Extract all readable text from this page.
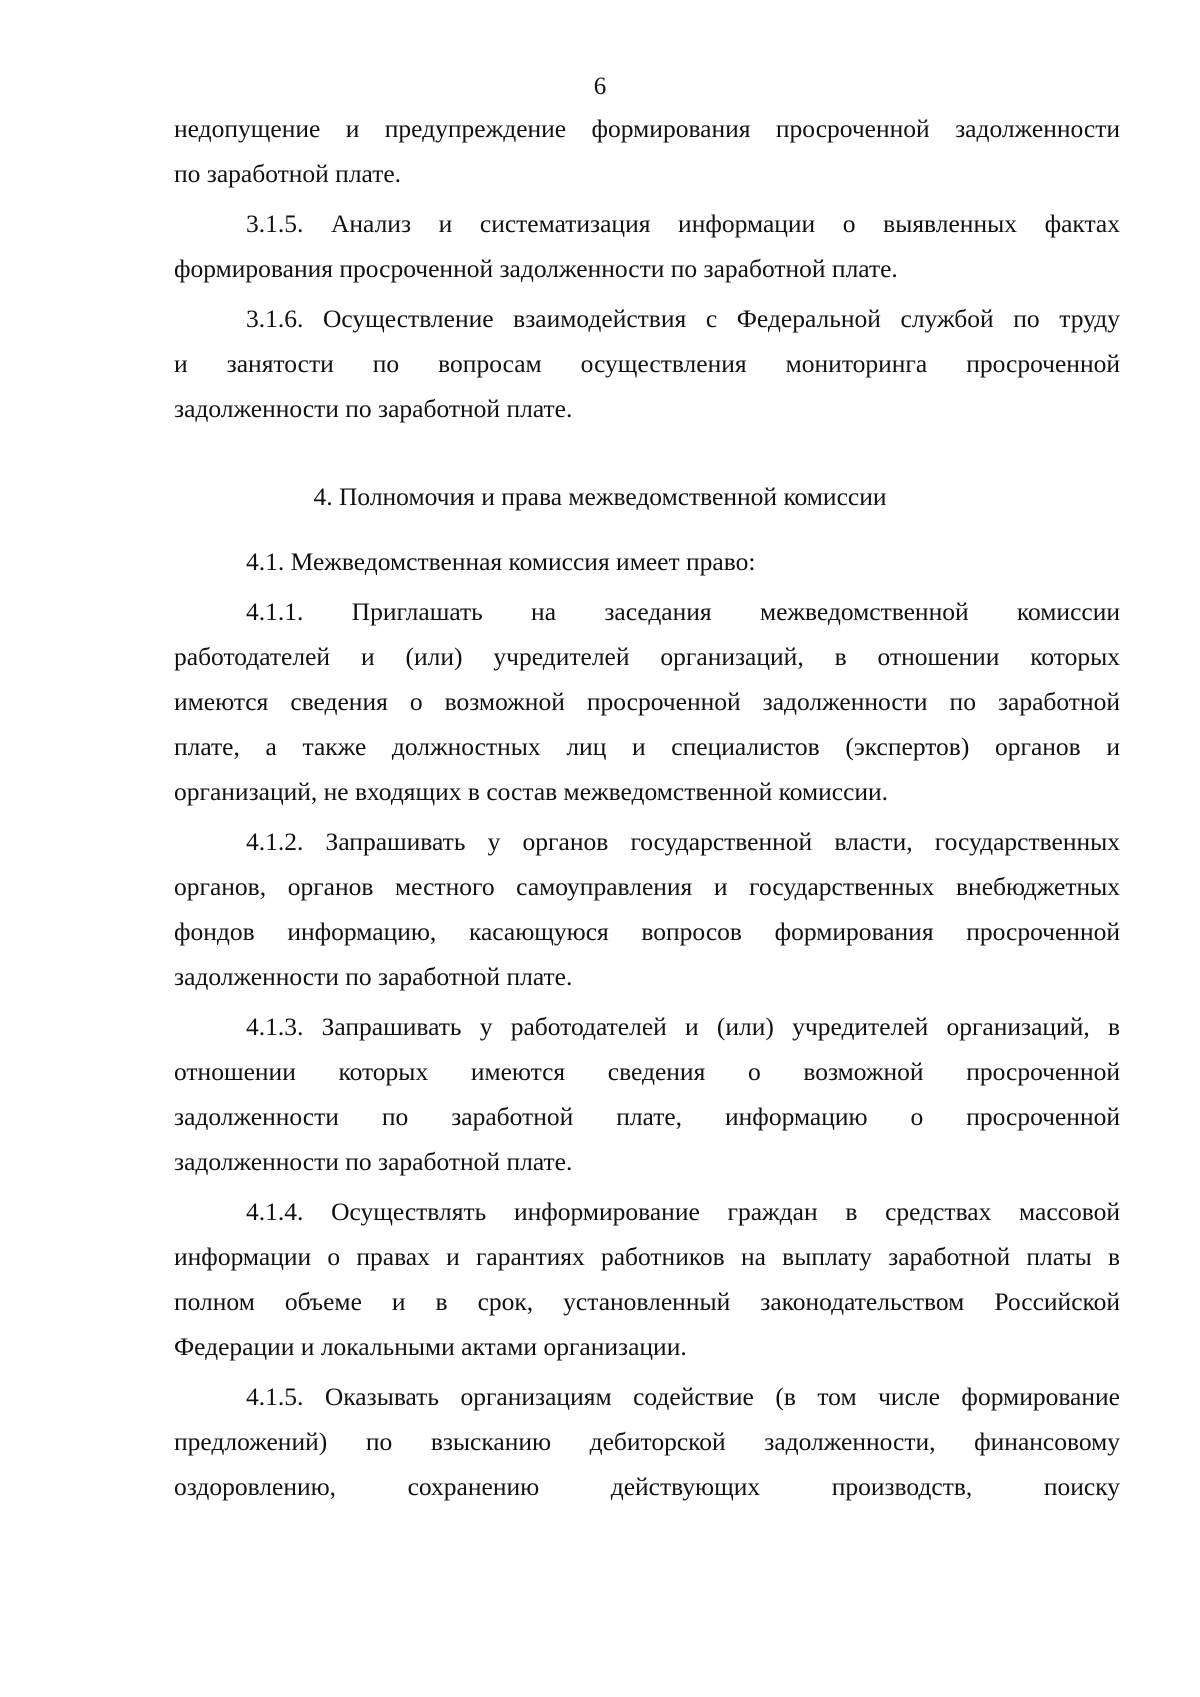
6
недопущение и предупреждение формирования просроченной задолженности
по заработной плате.
3.1.5. Анализ и систематизация информации о выявленных фактах
формирования просроченной задолженности по заработной плате.
3.1.6. Осуществление взаимодействия с Федеральной службой по труду
и занятости по вопросам осуществления мониторинга просроченной
задолженности по заработной плате.
4. Полномочия и права межведомственной комиссии
4.1. Межведомственная комиссия имеет право:
4.1.1. Приглашать на заседания межведомственной комиссии
работодателей и (или) учредителей организаций, в отношении которых
имеются сведения о возможной просроченной задолженности по заработной
плате, а также должностных лиц и специалистов (экспертов) органов и
организаций, не входящих в состав межведомственной комиссии.
4.1.2. Запрашивать у органов государственной власти, государственных
органов, органов местного самоуправления и государственных внебюджетных
фондов информацию, касающуюся вопросов формирования просроченной
задолженности по заработной плате.
4.1.3. Запрашивать у работодателей и (или) учредителей организаций, в
отношении которых имеются сведения о возможной просроченной
задолженности по заработной плате, информацию о просроченной
задолженности по заработной плате.
4.1.4. Осуществлять информирование граждан в средствах массовой
информации о правах и гарантиях работников на выплату заработной платы в
полном объеме и в срок, установленный законодательством Российской
Федерации и локальными актами организации.
4.1.5. Оказывать организациям содействие (в том числе формирование
предложений) по взысканию дебиторской задолженности, финансовому
оздоровлению, сохранению действующих производств, поиску
